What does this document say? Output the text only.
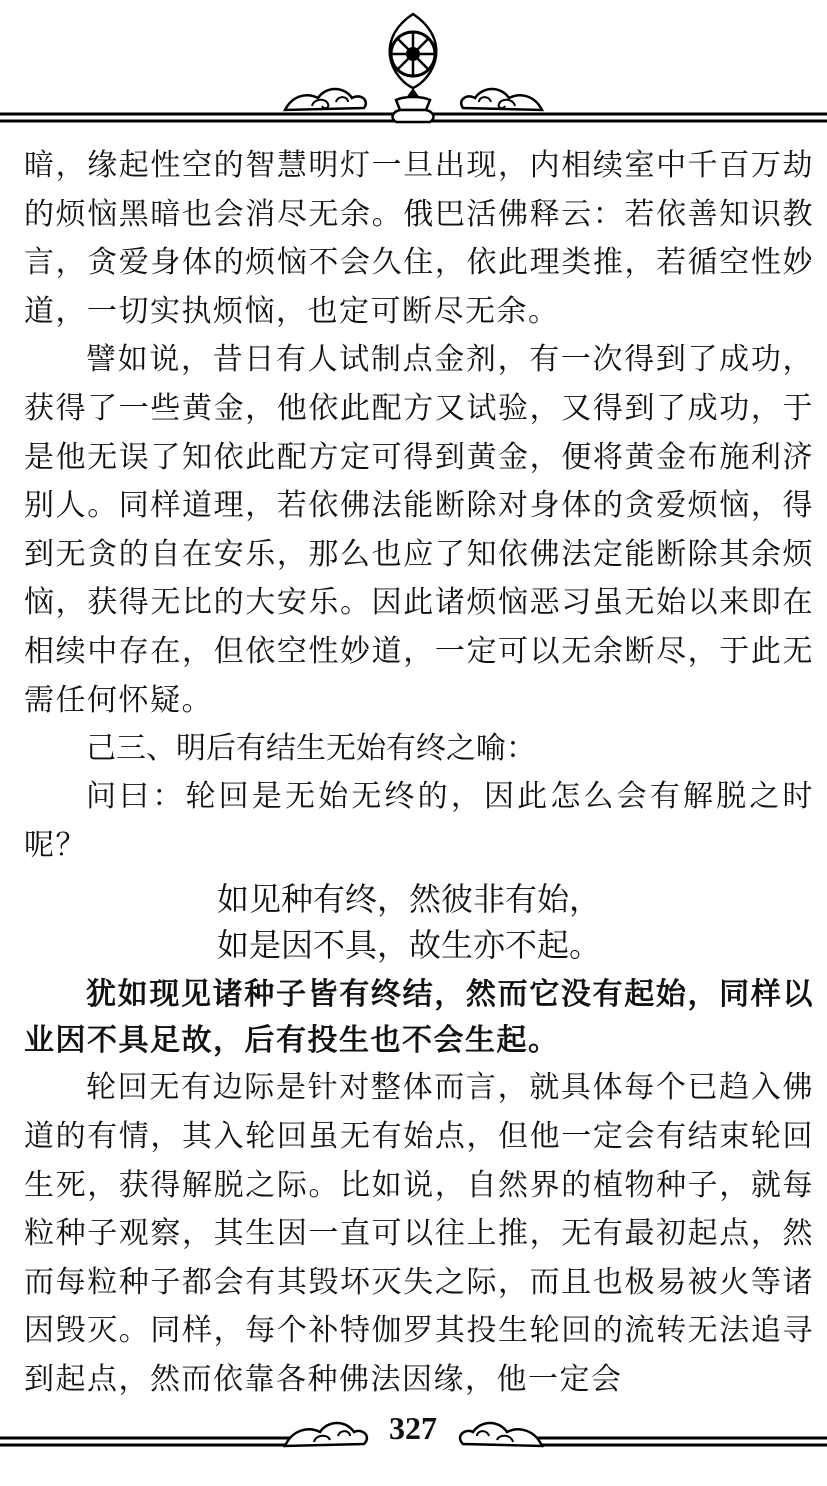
暗，缘起性空的智慧明灯一旦出现，内相续室中千百万劫的烦恼黑暗也会消尽无余。俄巴活佛释云：若依善知识教言，贪爱身体的烦恼不会久住，依此理类推，若循空性妙道，一切实执烦恼，也定可断尽无余。

譬如说，昔日有人试制点金剂，有一次得到了成功，获得了一些黄金，他依此配方又试验，又得到了成功，于是他无误了知依此配方定可得到黄金，便将黄金布施利济别人。同样道理，若依佛法能断除对身体的贪爱烦恼，得到无贪的自在安乐，那么也应了知依佛法定能断除其余烦恼，获得无比的大安乐。因此诸烦恼恶习虽无始以来即在相续中存在，但依空性妙道，一定可以无余断尽，于此无需任何怀疑。

己三、明后有结生无始有终之喻：

问曰：轮回是无始无终的，因此怎么会有解脱之时呢？

如见种有终，然彼非有始，

如是因不具，故生亦不起。

犹如现见诸种子皆有终结，然而它没有起始，同样以业因不具足故，后有投生也不会生起。

轮回无有边际是针对整体而言，就具体每个已趋入佛道的有情，其入轮回虽无有始点，但他一定会有结束轮回生死，获得解脱之际。比如说，自然界的植物种子，就每粒种子观察，其生因一直可以往上推，无有最初起点，然而每粒种子都会有其毁坏灭失之际，而且也极易被火等诸因毁灭。同样，每个补特伽罗其投生轮回的流转无法追寻到起点，然而依靠各种佛法因缘，他一定会

327
